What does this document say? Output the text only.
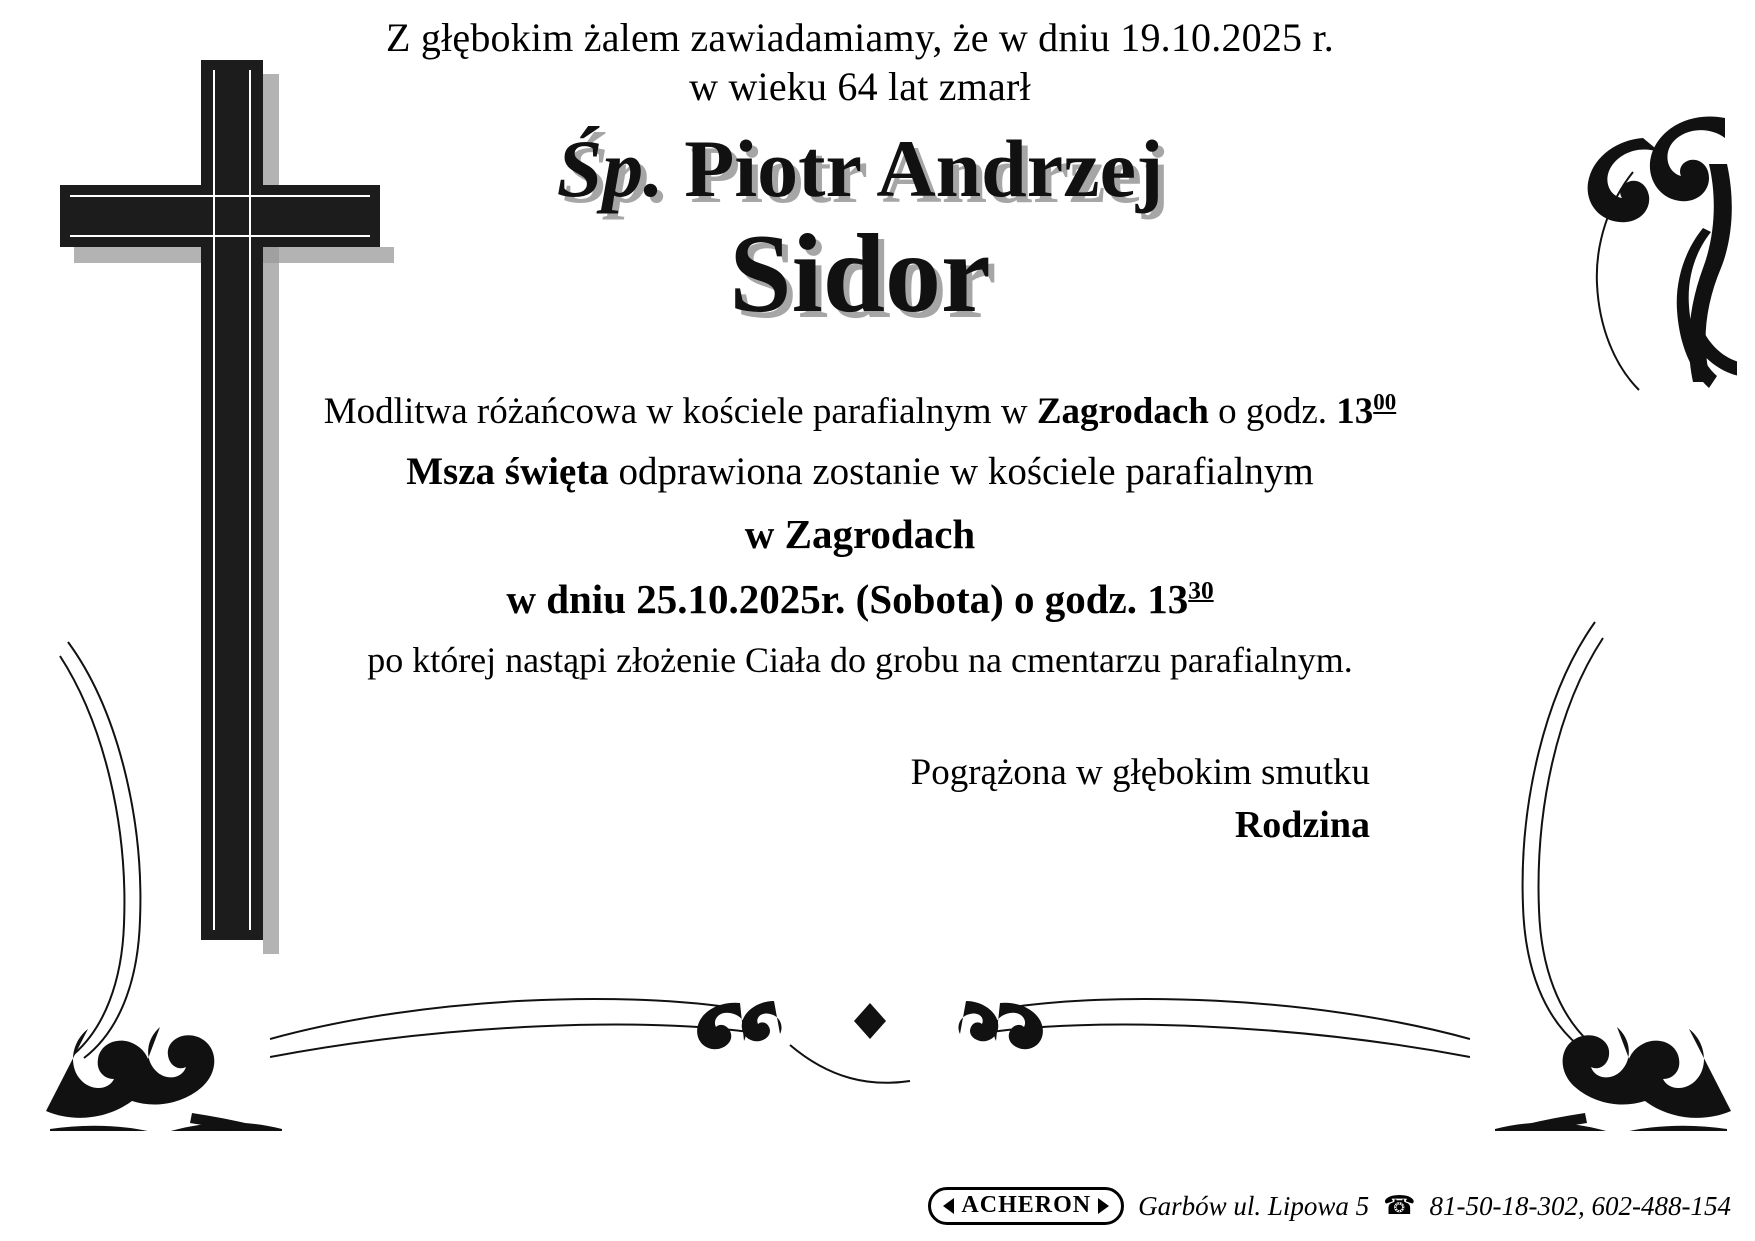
Z głębokim żalem zawiadamiamy, że w dniu 19.10.2025 r.
w wieku 64 lat zmarł
Śp. Piotr Andrzej
Sidor
Modlitwa różańcowa w kościele parafialnym w Zagrodach o godz. $13^{00}$
Msza święta odprawiona zostanie w kościele parafialnym
w Zagrodach
w dniu 25.10.2025r. (Sobota) o godz. $13^{30}$
po której nastąpi złożenie Ciała do grobu na cmentarzu parafialnym.
Pogrążona w głębokim smutku
Rodzina
ACHERON Garbów ul. Lipowa 5 ☎ 81-50-18-302, 602-488-154
